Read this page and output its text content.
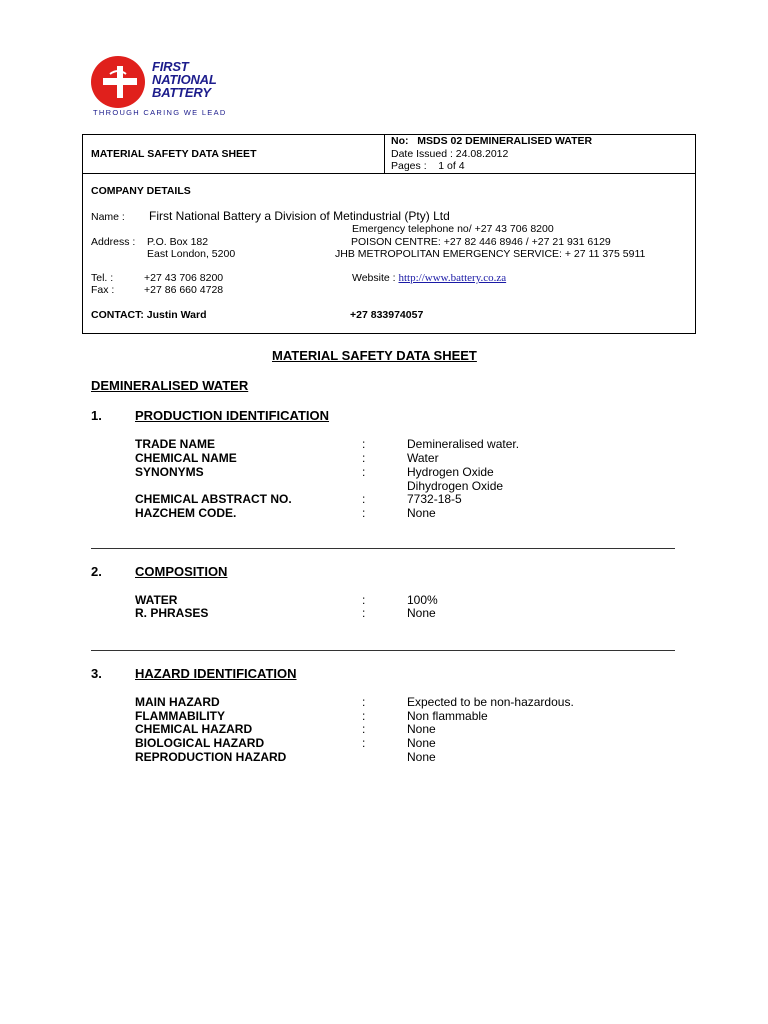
FIRST
NATIONAL
BATTERY
THROUGH CARING WE LEAD
MATERIAL SAFETY DATA SHEET
No: MSDS 02 DEMINERALISED WATER
Date Issued : 24.08.2012
Pages : 1 of 4
COMPANY DETAILS
Name : First National Battery a Division of Metindustrial (Pty) Ltd
Emergency telephone no/ +27 43 706 8200
Address : P.O. Box 182
East London, 5200
POISON CENTRE: +27 82 446 8946 / +27 21 931 6129
JHB METROPOLITAN EMERGENCY SERVICE: + 27 11 375 5911
Tel. :	+27 43 706 8200
Fax :	+27 86 660 4728
Website : http://www.battery.co.za
CONTACT: Justin Ward	+27 833974057
MATERIAL SAFETY DATA SHEET
DEMINERALISED WATER
1.	PRODUCTION IDENTIFICATION
TRADE NAME	:	Demineralised water.
CHEMICAL NAME	:	Water
SYNONYMS	:	Hydrogen Oxide
Dihydrogen Oxide
CHEMICAL ABSTRACT NO.	:	7732-18-5
HAZCHEM CODE.	:	None
2.	COMPOSITION
WATER	:	100%
R. PHRASES	:	None
3.	HAZARD IDENTIFICATION
MAIN HAZARD	:	Expected to be non-hazardous.
FLAMMABILITY	:	Non flammable
CHEMICAL HAZARD	:	None
BIOLOGICAL HAZARD	:	None
REPRODUCTION HAZARD	None
